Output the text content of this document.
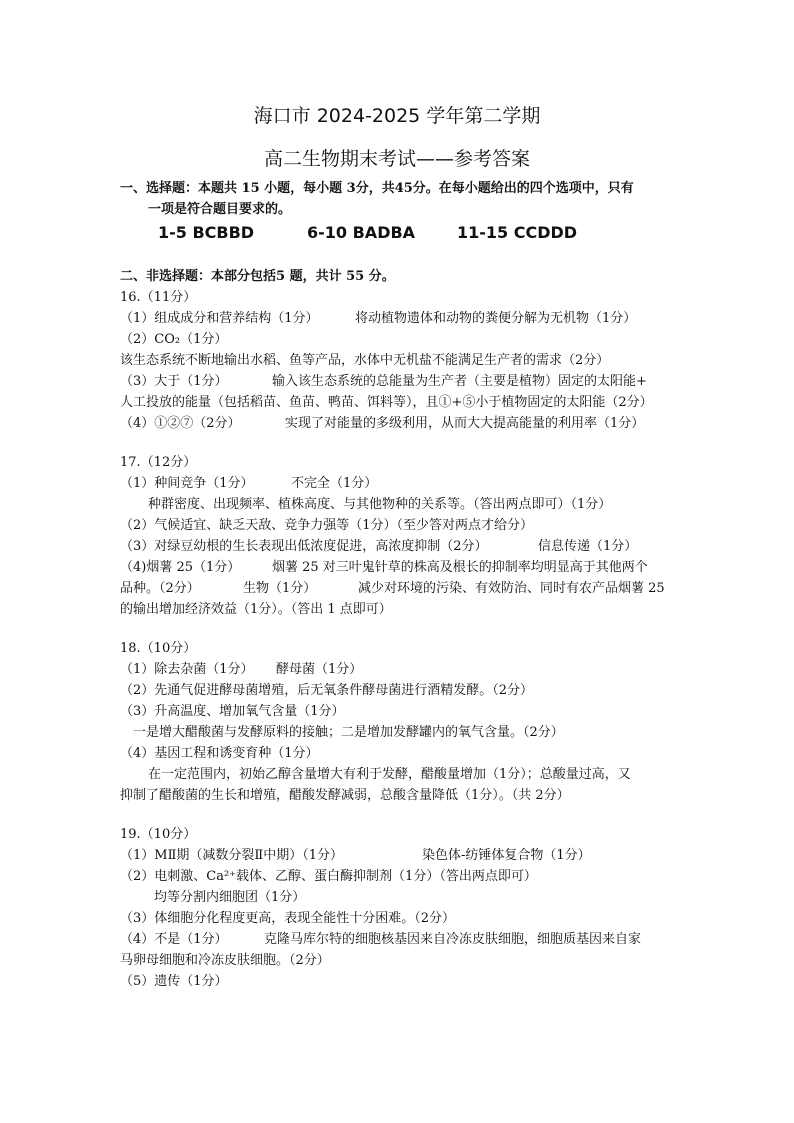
海口市 2024-2025 学年第二学期
高二生物期末考试——参考答案
一、选择题：本题共 15 小题，每小题 3分，共45分。在每小题给出的四个选项中，只有
一项是符合题目要求的。
1-5 BCBBD	6-10 BADBA	11-15 CCDDD
二、非选择题：本部分包括5 题，共计 55 分。
16.（11分）
（1）组成成分和营养结构（1分）	将动植物遗体和动物的粪便分解为无机物（1分）
（2）CO₂（1分）
该生态系统不断地输出水稻、鱼等产品，水体中无机盐不能满足生产者的需求（2分）
（3）大于（1分）	输入该生态系统的总能量为生产者（主要是植物）固定的太阳能+
人工投放的能量（包括稻苗、鱼苗、鸭苗、饵料等），且①+⑤小于植物固定的太阳能（2分）
（4）①②⑦（2分）	实现了对能量的多级利用，从而大大提高能量的利用率（1分）
17.（12分）
（1）种间竞争（1分）	不完全（1分）
种群密度、出现频率、植株高度、与其他物种的关系等。（答出两点即可）（1分）
（2）气候适宜、缺乏天敌、竞争力强等（1分）（至少答对两点才给分）
（3）对绿豆幼根的生长表现出低浓度促进，高浓度抑制（2分）	信息传递（1分）
（4)烟薯 25（1分） 烟薯 25 对三叶鬼针草的株高及根长的抑制率均明显高于其他两个
品种。（2分）	生物（1分）	减少对环境的污染、有效防治、同时有农产品烟薯 25
的输出增加经济效益（1分）。（答出 1 点即可）
18.（10分）
（1）除去杂菌（1分） 酵母菌（1分）
（2）先通气促进酵母菌增殖，后无氧条件酵母菌进行酒精发酵。（2分）
（3）升高温度、增加氧气含量（1分）
一是增大醋酸菌与发酵原料的接触；二是增加发酵罐内的氧气含量。（2分）
（4）基因工程和诱变育种（1分）
在一定范围内，初始乙醇含量增大有利于发酵，醋酸量增加（1分）；总酸量过高，又
抑制了醋酸菌的生长和增殖，醋酸发酵减弱，总酸含量降低（1分）。（共 2分）
19.（10分）
（1）MⅡ期（减数分裂Ⅱ中期）（1分）	染色体-纺锤体复合物（1分）
（2）电刺激、Ca²⁺载体、乙醇、蛋白酶抑制剂（1分）（答出两点即可）
均等分割内细胞团（1分）
（3）体细胞分化程度更高，表现全能性十分困难。（2分）
（4）不是（1分）	克隆马库尔特的细胞核基因来自冷冻皮肤细胞，细胞质基因来自家
马卵母细胞和冷冻皮肤细胞。（2分）
（5）遗传（1分）
